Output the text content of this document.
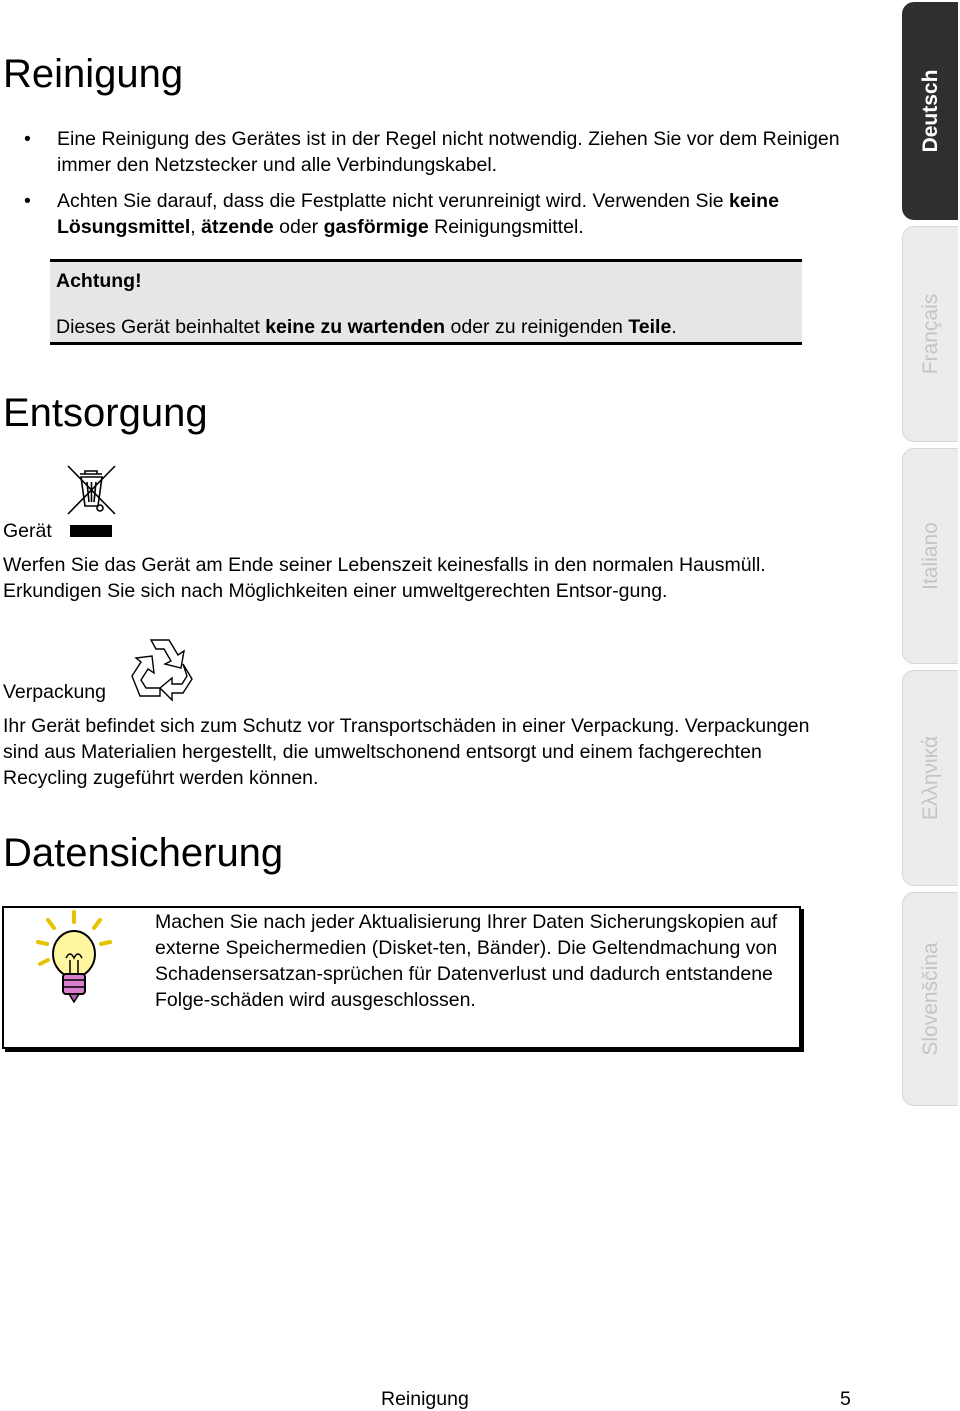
Reinigung
•
Eine Reinigung des Gerätes ist in der Regel nicht notwendig. Ziehen Sie vor dem Reinigen immer den Netzstecker und alle Verbindungskabel.
•
Achten Sie darauf, dass die Festplatte nicht verunreinigt wird. Verwenden Sie keine Lösungsmittel, ätzende oder gasförmige Reinigungsmittel.
Achtung!
Dieses Gerät beinhaltet keine zu wartenden oder zu reinigenden Teile.
Entsorgung
Gerät
Werfen Sie das Gerät am Ende seiner Lebenszeit keinesfalls in den normalen Hausmüll. Erkundigen Sie sich nach Möglichkeiten einer umweltgerechten Entsor-gung.
Verpackung
Ihr Gerät befindet sich zum Schutz vor Transportschäden in einer Verpackung. Verpackungen sind aus Materialien hergestellt, die umweltschonend entsorgt und einem fachgerechten Recycling zugeführt werden können.
Datensicherung
Machen Sie nach jeder Aktualisierung Ihrer Daten Sicherungskopien auf externe Speichermedien (Disket-ten, Bänder). Die Geltendmachung von Schadensersatzan-sprüchen für Datenverlust und dadurch entstandene Folge-schäden wird ausgeschlossen.
Deutsch
Français
Italiano
Ελληνικά
Slovenščina
Reinigung	5
